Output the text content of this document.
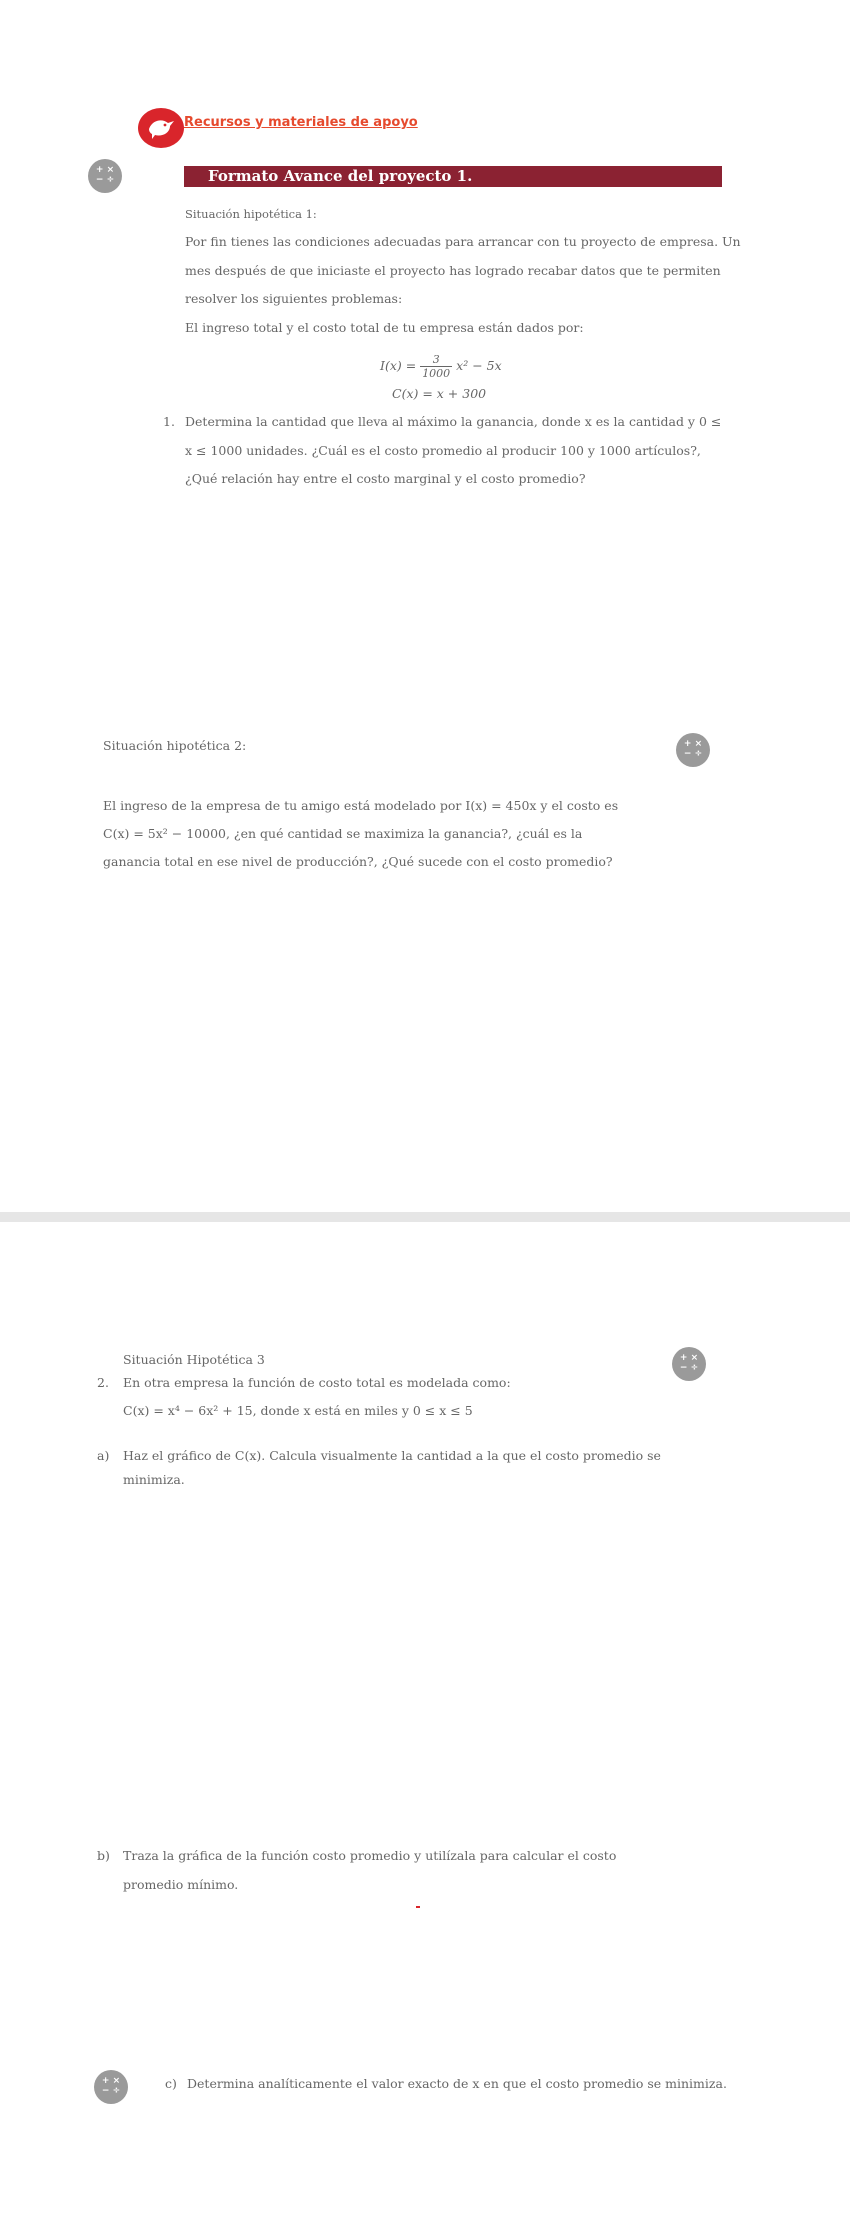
Recursos y materiales de apoyo
+ ×
− ÷	Formato Avance del proyecto 1.
Situación hipotética 1:
Por fin tienes las condiciones adecuadas para arrancar con tu proyecto de empresa. Un
mes después de que iniciaste el proyecto has logrado recabar datos que te permiten
resolver los siguientes problemas:
El ingreso total y el costo total de tu empresa están dados por:
$I(x) = \frac{3}{1000} x^2 - 5x$
C(x) = x + 300
1. Determina la cantidad que lleva al máximo la ganancia, donde x es la cantidad y 0 ≤
x ≤ 1000 unidades. ¿Cuál es el costo promedio al producir 100 y 1000 artículos?,
¿Qué relación hay entre el costo marginal y el costo promedio?
Situación hipotética 2:	+ ×
− ÷
El ingreso de la empresa de tu amigo está modelado por I(x) = 450x y el costo es
C(x) = 5x² − 10000, ¿en qué cantidad se maximiza la ganancia?, ¿cuál es la
ganancia total en ese nivel de producción?, ¿Qué sucede con el costo promedio?
Situación Hipotética 3	+ ×
− ÷
2. En otra empresa la función de costo total es modelada como:
C(x) = x⁴ − 6x² + 15, donde x está en miles y 0 ≤ x ≤ 5
a) Haz el gráfico de C(x). Calcula visualmente la cantidad a la que el costo promedio se
minimiza.
b) Traza la gráfica de la función costo promedio y utilízala para calcular el costo
promedio mínimo.
+ ×
− ÷	c) Determina analíticamente el valor exacto de x en que el costo promedio se minimiza.
